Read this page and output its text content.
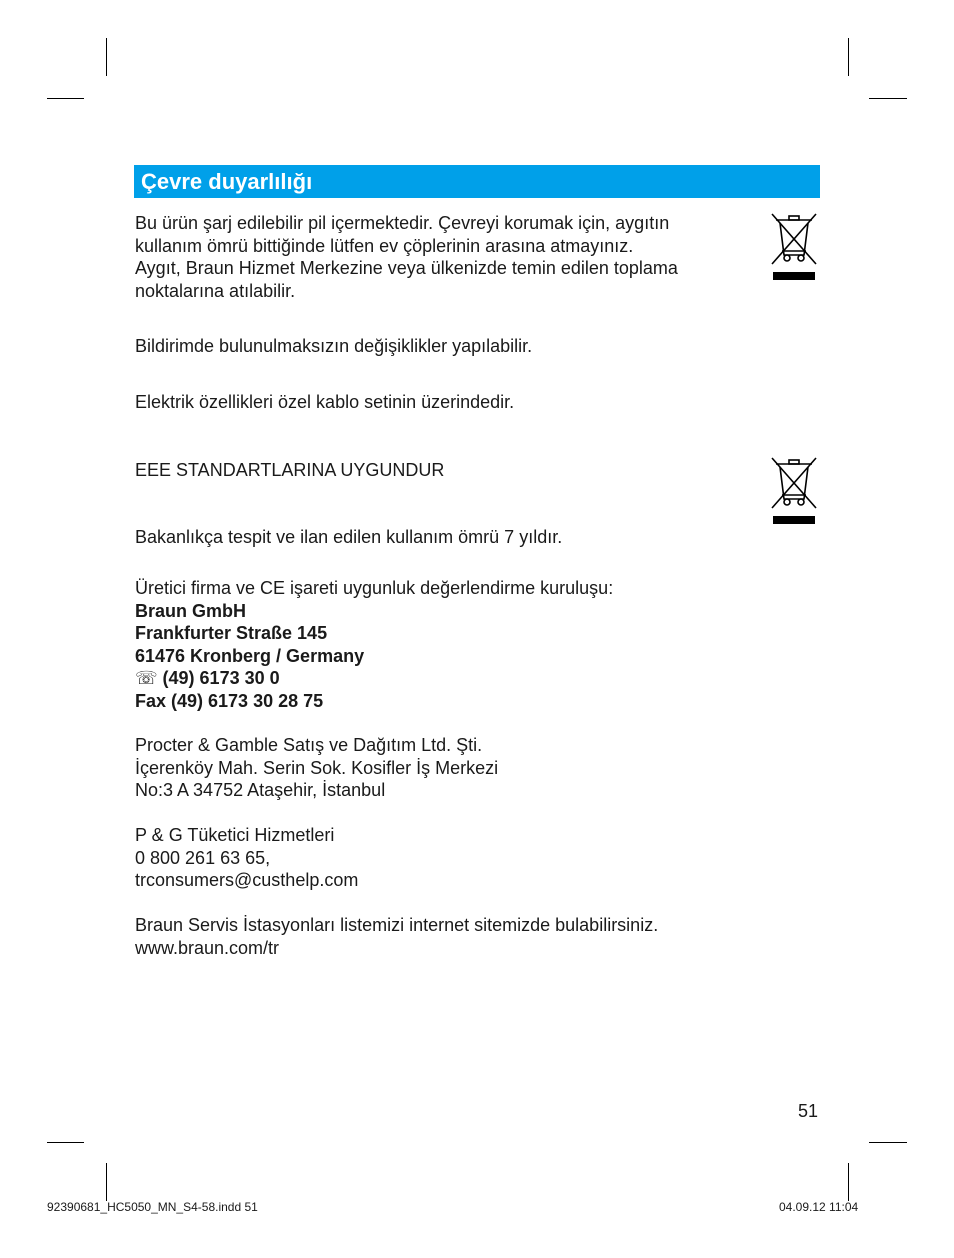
Çevre duyarlılığı
Bu ürün şarj edilebilir pil içermektedir. Çevreyi korumak için, aygıtın
kullanım ömrü bittiğinde lütfen ev çöplerinin arasına atmayınız.
Aygıt, Braun Hizmet Merkezine veya ülkenizde temin edilen toplama
noktalarına atılabilir.
Bildirimde bulunulmaksızın değişiklikler yapılabilir.
Elektrik özellikleri özel kablo setinin üzerindedir.
EEE STANDARTLARINA UYGUNDUR
Bakanlıkça tespit ve ilan edilen kullanım ömrü 7 yıldır.
Üretici firma ve CE işareti uygunluk değerlendirme kuruluşu:
Braun GmbH
Frankfurter Straße 145
61476 Kronberg / Germany
☏ (49) 6173 30 0
Fax (49) 6173 30 28 75
Procter & Gamble Satış ve Dağıtım Ltd. Şti.
İçerenköy Mah. Serin Sok. Kosifler İş Merkezi
No:3 A 34752 Ataşehir, İstanbul
P & G Tüketici Hizmetleri
0 800 261 63 65,
trconsumers@custhelp.com
Braun Servis İstasyonları listemizi internet sitemizde bulabilirsiniz.
www.braun.com/tr
51
92390681_HC5050_MN_S4-58.indd 51	04.09.12 11:04
